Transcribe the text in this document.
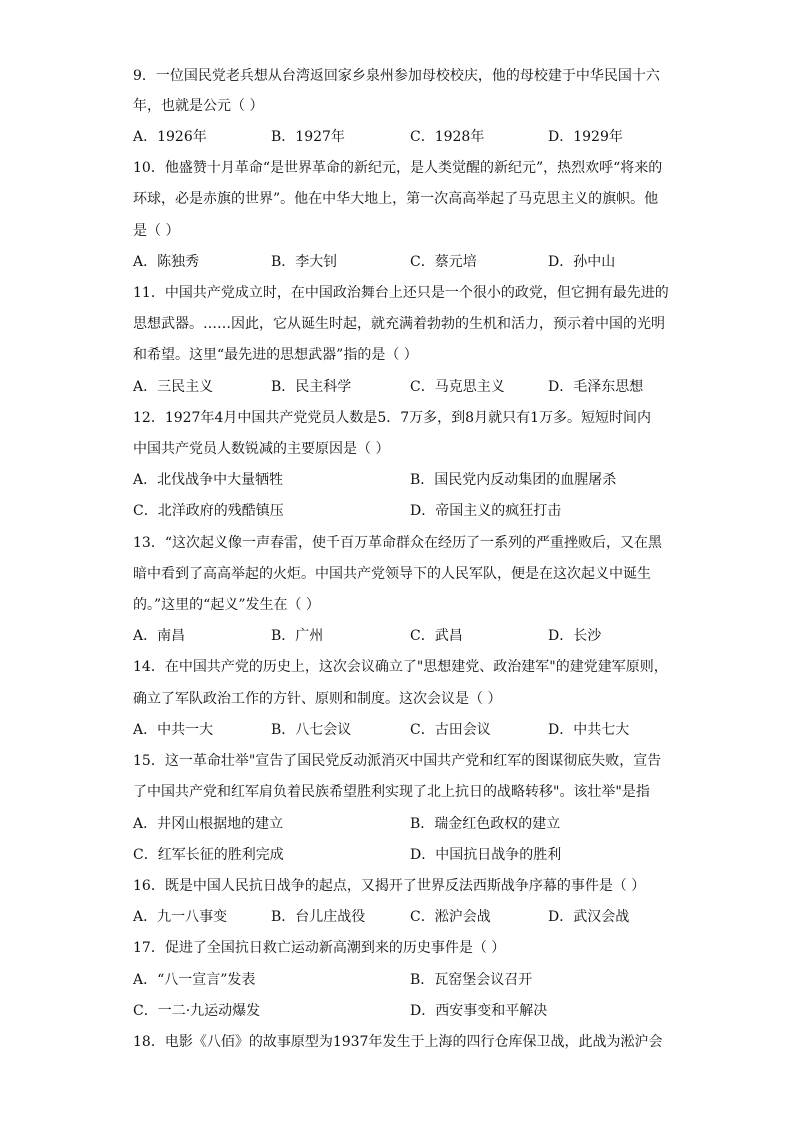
9．一位国民党老兵想从台湾返回家乡泉州参加母校校庆，他的母校建于中华民国十六
年，也就是公元（ ）
A．1926年	B．1927年	C．1928年	D．1929年
10．他盛赞十月革命“是世界革命的新纪元，是人类觉醒的新纪元”，热烈欢呼“将来的
环球，必是赤旗的世界”。他在中华大地上，第一次高高举起了马克思主义的旗帜。他
是（ ）
A．陈独秀	B．李大钊	C．蔡元培	D．孙中山
11．中国共产党成立时，在中国政治舞台上还只是一个很小的政党，但它拥有最先进的
思想武器。……因此，它从诞生时起，就充满着勃勃的生机和活力，预示着中国的光明
和希望。这里“最先进的思想武器”指的是（ ）
A．三民主义	B．民主科学	C．马克思主义	D．毛泽东思想
12．1927年4月中国共产党党员人数是5．7万多，到8月就只有1万多。短短时间内
中国共产党员人数锐减的主要原因是（ ）
A．北伐战争中大量牺牲	B．国民党内反动集团的血腥屠杀
C．北洋政府的残酷镇压	D．帝国主义的疯狂打击
13．“这次起义像一声春雷，使千百万革命群众在经历了一系列的严重挫败后，又在黑
暗中看到了高高举起的火炬。中国共产党领导下的人民军队，便是在这次起义中诞生
的。”这里的“起义”发生在（ ）
A．南昌	B．广州	C．武昌	D．长沙
14．在中国共产党的历史上，这次会议确立了"思想建党、政治建军"的建党建军原则，
确立了军队政治工作的方针、原则和制度。这次会议是（ ）
A．中共一大	B．八七会议	C．古田会议	D．中共七大
15．这一革命壮举"宣告了国民党反动派消灭中国共产党和红军的图谋彻底失败，宣告
了中国共产党和红军肩负着民族希望胜利实现了北上抗日的战略转移"。该壮举"是指
A．井冈山根据地的建立	B．瑞金红色政权的建立
C．红军长征的胜利完成	D．中国抗日战争的胜利
16．既是中国人民抗日战争的起点，又揭开了世界反法西斯战争序幕的事件是（ ）
A．九一八事变	B．台儿庄战役	C．淞沪会战	D．武汉会战
17．促进了全国抗日救亡运动新高潮到来的历史事件是（ ）
A．“八一宣言”发表	B．瓦窑堡会议召开
C．一二·九运动爆发	D．西安事变和平解决
18．电影《八佰》的故事原型为1937年发生于上海的四行仓库保卫战，此战为淞沪会
